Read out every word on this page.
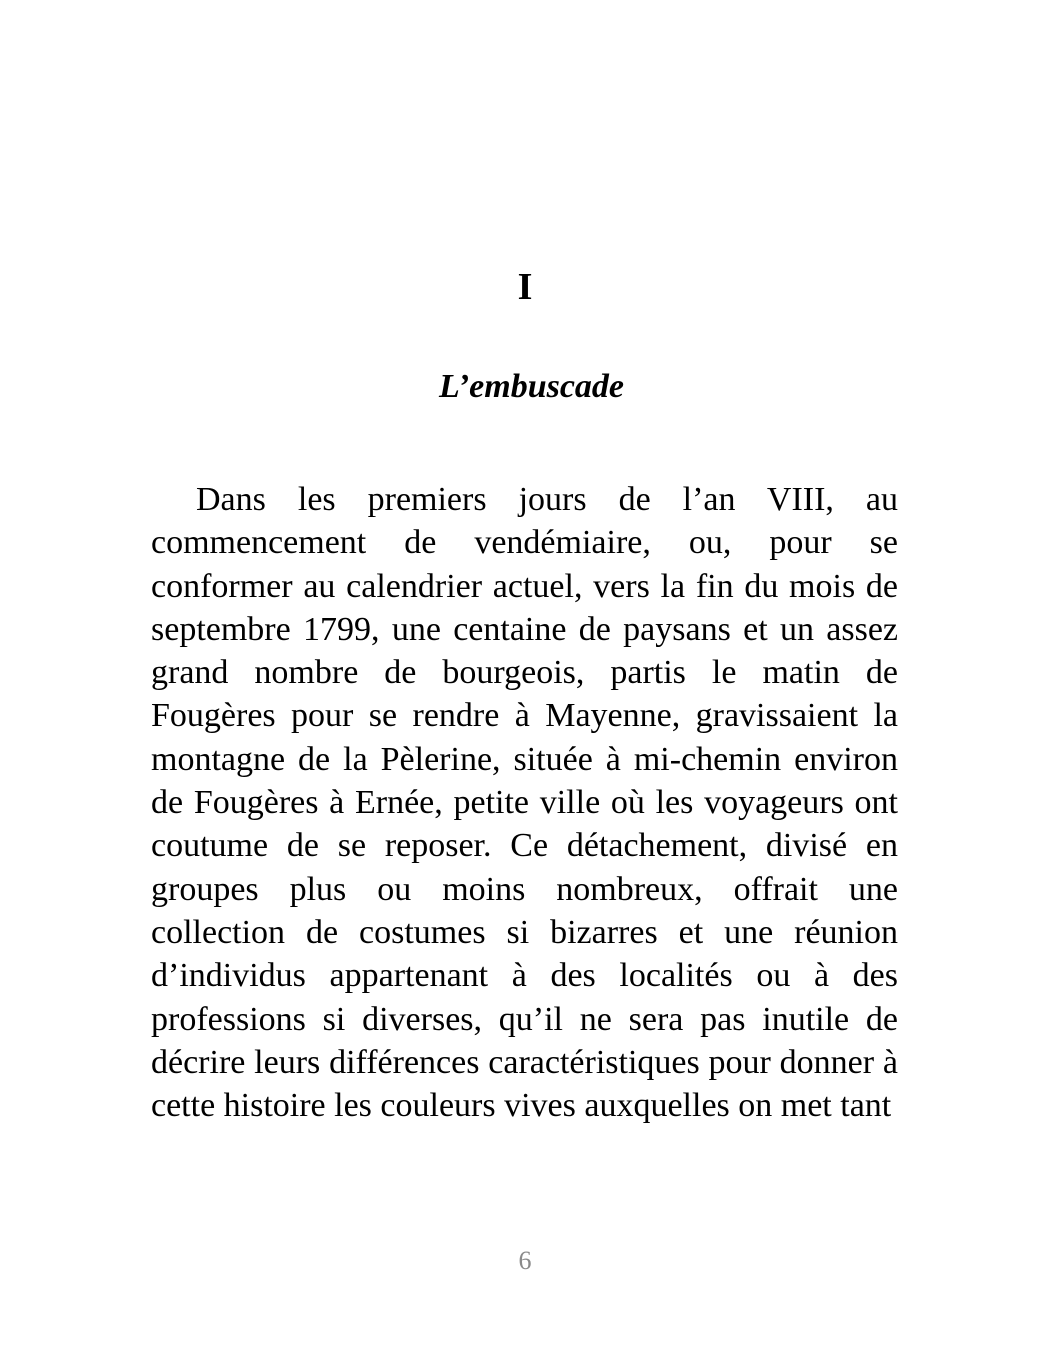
I
L’embuscade

Dans les premiers jours de l’an VIII, au commencement de vendémiaire, ou, pour se conformer au calendrier actuel, vers la fin du mois de septembre 1799, une centaine de paysans et un assez grand nombre de bourgeois, partis le matin de Fougères pour se rendre à Mayenne, gravissaient la montagne de la Pèlerine, située à mi-chemin environ de Fougères à Ernée, petite ville où les voyageurs ont coutume de se reposer. Ce détachement, divisé en groupes plus ou moins nombreux, offrait une collection de costumes si bizarres et une réunion d’individus appartenant à des localités ou à des professions si diverses, qu’il ne sera pas inutile de décrire leurs différences caractéristiques pour donner à cette histoire les couleurs vives auxquelles on met tant

6
